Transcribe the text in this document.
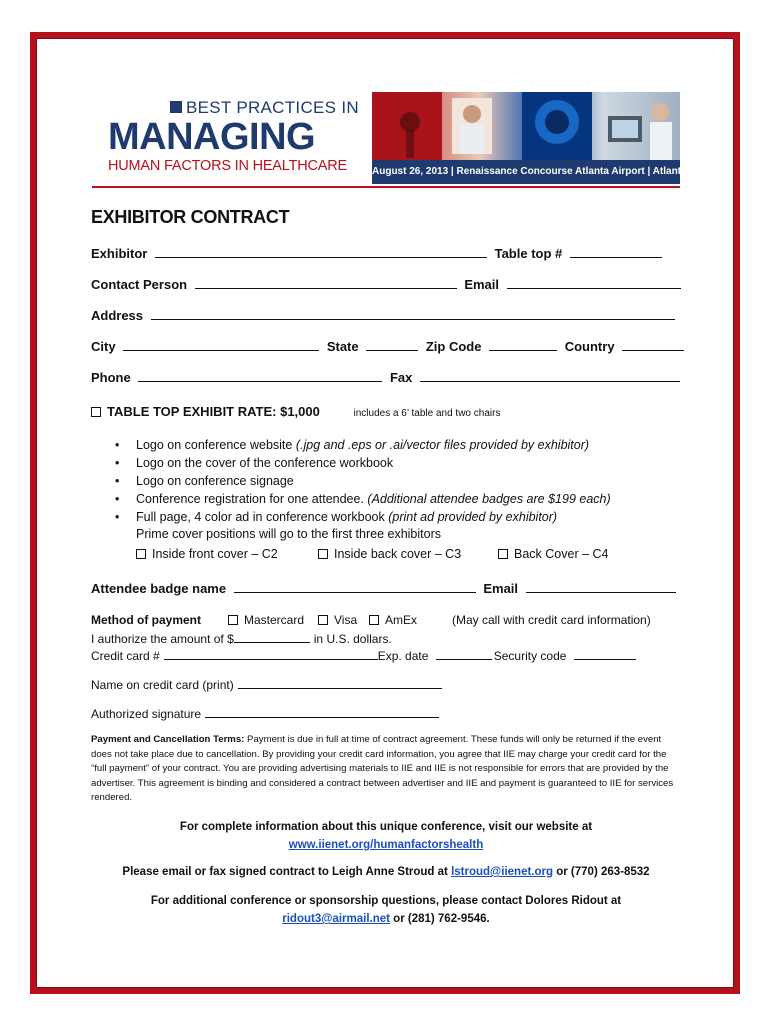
BEST PRACTICES IN
MANAGING
HUMAN FACTORS IN HEALTHCARE	August 26, 2013 | Renaissance Concourse Atlanta Airport | Atlanta, Ga.
EXHIBITOR CONTRACT
Exhibitor	Table top #
Contact Person	Email
Address
City	State	Zip Code	Country
Phone	Fax
TABLE TOP EXHIBIT RATE: $1,000	includes a 6’ table and two chairs
• Logo on conference website (.jpg and .eps or .ai/vector files provided by exhibitor)
• Logo on the cover of the conference workbook
• Logo on conference signage
• Conference registration for one attendee. (Additional attendee badges are $199 each)
• Full page, 4 color ad in conference workbook (print ad provided by exhibitor)
Prime cover positions will go to the first three exhibitors
Inside front cover – C2	Inside back cover – C3	Back Cover – C4
Attendee badge name	Email
Method of payment	Mastercard	Visa	AmEx	(May call with credit card information)
I authorize the amount of $	in U.S. dollars.
Credit card #	Exp. date	Security code
Name on credit card (print)
Authorized signature
Payment and Cancellation Terms: Payment is due in full at time of contract agreement. These funds will only be returned if the event does not take place due to cancellation. By providing your credit card information, you agree that IIE may charge your credit card for the “full payment” of your contract. You are providing advertising materials to IIE and IIE is not responsible for errors that are provided by the advertiser. This agreement is binding and considered a contract between advertiser and IIE and payment is guaranteed to IIE for services rendered.
For complete information about this unique conference, visit our website at
www.iienet.org/humanfactorshealth
Please email or fax signed contract to Leigh Anne Stroud at lstroud@iienet.org or (770) 263-8532
For additional conference or sponsorship questions, please contact Dolores Ridout at
ridout3@airmail.net or (281) 762-9546.
